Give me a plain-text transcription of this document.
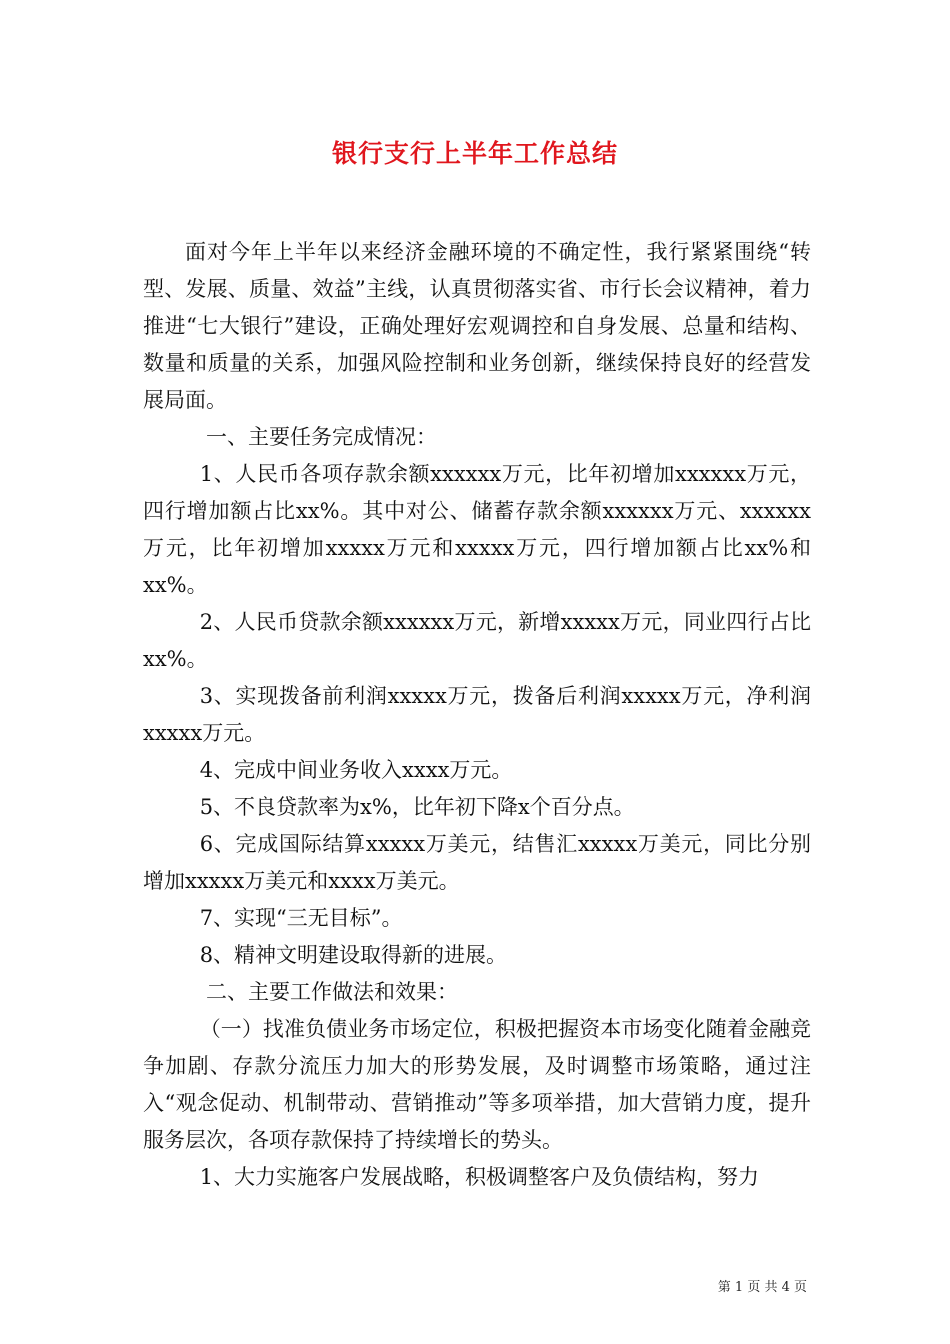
银行支行上半年工作总结

面对今年上半年以来经济金融环境的不确定性，我行紧紧围绕“转型、发展、质量、效益”主线，认真贯彻落实省、市行长会议精神，着力推进“七大银行”建设，正确处理好宏观调控和自身发展、总量和结构、数量和质量的关系，加强风险控制和业务创新，继续保持良好的经营发展局面。

一、主要任务完成情况：

1、人民币各项存款余额xxxxxx万元，比年初增加xxxxxx万元，四行增加额占比xx%。其中对公、储蓄存款余额xxxxxx万元、xxxxxx万元，比年初增加xxxxx万元和xxxxx万元，四行增加额占比xx%和xx%。

2、人民币贷款余额xxxxxx万元，新增xxxxx万元，同业四行占比xx%。

3、实现拨备前利润xxxxx万元，拨备后利润xxxxx万元，净利润xxxxx万元。

4、完成中间业务收入xxxx万元。

5、不良贷款率为x%，比年初下降x个百分点。

6、完成国际结算xxxxx万美元，结售汇xxxxx万美元，同比分别增加xxxxx万美元和xxxx万美元。

7、实现“三无目标”。

8、精神文明建设取得新的进展。

二、主要工作做法和效果：

（一）找准负债业务市场定位，积极把握资本市场变化随着金融竞争加剧、存款分流压力加大的形势发展，及时调整市场策略，通过注入“观念促动、机制带动、营销推动”等多项举措，加大营销力度，提升服务层次，各项存款保持了持续增长的势头。

1、大力实施客户发展战略，积极调整客户及负债结构，努力

第 1 页 共 4 页
